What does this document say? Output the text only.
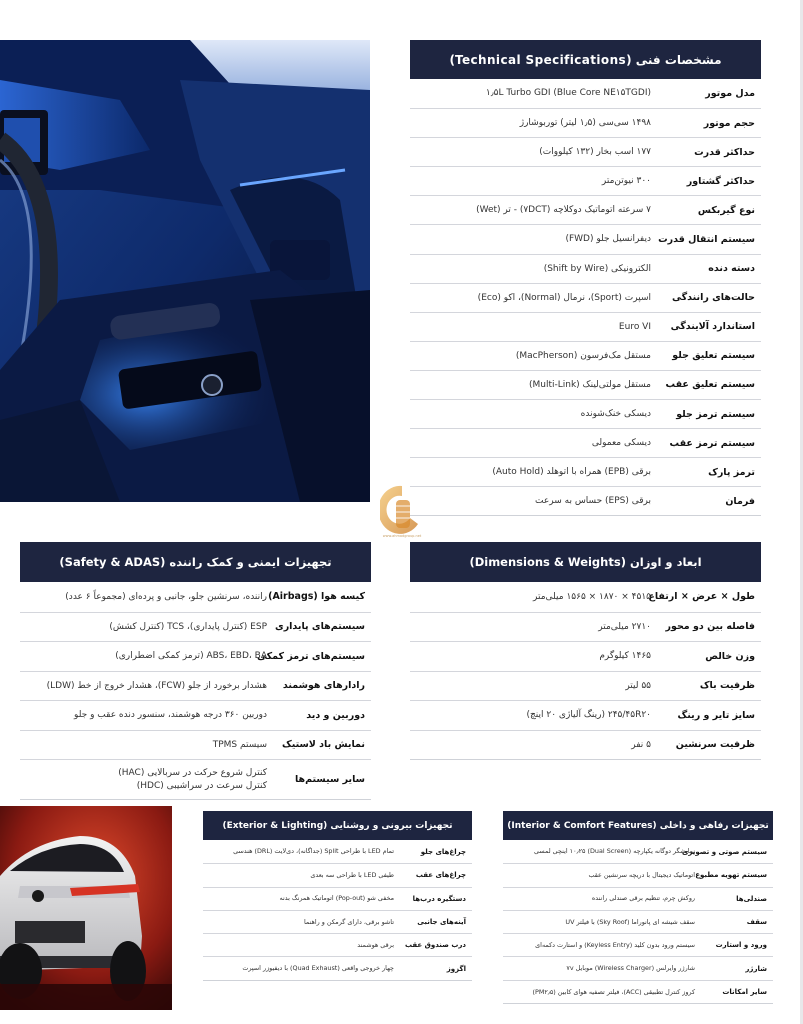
مشخصات فنی (Technical Specifications)
مدل موتور
۱٫۵L Turbo GDI (Blue Core NE۱۵TGDI)
حجم موتور
۱۴۹۸ سی‌سی (۱٫۵ لیتر) توربوشارژ
حداکثر قدرت
۱۷۷ اسب بخار (۱۳۲ کیلووات)
حداکثر گشتاور
۳۰۰ نیوتن‌متر
نوع گیربکس
۷ سرعته اتوماتیک دوکلاچه (۷DCT) - تر (Wet)
سیستم انتقال قدرت
دیفرانسیل جلو (FWD)
دسته دنده
الکترونیکی (Shift by Wire)
حالت‌های رانندگی
اسپرت (Sport)، نرمال (Normal)، اکو (Eco)
استاندارد آلایندگی
Euro VI
سیستم تعلیق جلو
مستقل مک‌فرسون (MacPherson)
سیستم تعلیق عقب
مستقل مولتی‌لینک (Multi-Link)
سیستم ترمز جلو
دیسکی خنک‌شونده
سیستم ترمز عقب
دیسکی معمولی
ترمز پارک
برقی (EPB) همراه با اتوهلد (Auto Hold)
فرمان
برقی (EPS) حساس به سرعت
www.ahmadgroup.net
ابعاد و اوزان (Dimensions & Weights)
طول × عرض × ارتفاع
۴۵۱۵ × ۱۸۷۰ × ۱۵۶۵ میلی‌متر
فاصله بین دو محور
۲۷۱۰ میلی‌متر
وزن خالص
۱۴۶۵ کیلوگرم
ظرفیت باک
۵۵ لیتر
سایز تایر و رینگ
۲۴۵/۴۵R۲۰ (رینگ آلیاژی ۲۰ اینچ)
ظرفیت سرنشین
۵ نفر
تجهیزات ایمنی و کمک راننده (Safety & ADAS)
کیسه هوا (Airbags)
راننده، سرنشین جلو، جانبی و پرده‌ای (مجموعاً ۶ عدد)
سیستم‌های پایداری
ESP (کنترل پایداری)، TCS (کنترل کشش)
سیستم‌های ترمز کمکی
ABS، EBD، BA (ترمز کمکی اضطراری)
رادارهای هوشمند
هشدار برخورد از جلو (FCW)، هشدار خروج از خط (LDW)
دوربین و دید
دوربین ۳۶۰ درجه هوشمند، سنسور دنده عقب و جلو
نمایش باد لاستیک
سیستم TPMS
سایر سیستم‌ها
کنترل شروع حرکت در سربالایی (HAC)
کنترل سرعت در سراشیبی (HDC)
تجهیزات بیرونی و روشنایی (Exterior & Lighting)
چراغ‌های جلو
تمام LED با طراحی Split (جداگانه)، دی‌لایت (DRL) هندسی
چراغ‌های عقب
طیفی LED با طراحی سه بعدی
دستگیره درب‌ها
مخفی شو (Pop-out) اتوماتیک همرنگ بدنه
آینه‌های جانبی
تاشو برقی، دارای گرمکن و راهنما
درب صندوق عقب
برقی هوشمند
اگزوز
چهار خروجی واقعی (Quad Exhaust) با دیفیوزر اسپرت
تجهیزات رفاهی و داخلی (Interior & Comfort Features)
سیستم صوتی و تصویری
نمایشگر دوگانه یکپارچه (Dual Screen) ۱۰٫۲۵ اینچی لمسی
سیستم تهویه مطبوع
اتوماتیک دیجیتال با دریچه سرنشین عقب
صندلی‌ها
روکش چرم، تنظیم برقی صندلی راننده
سقف
سقف شیشه ای پانوراما (Sky Roof) با فیلتر UV
ورود و استارت
سیستم ورود بدون کلید (Keyless Entry) و استارت دکمه‌ای
شارژر
شارژر وایرلس (Wireless Charger) موبایل ۷v
سایر امکانات
کروز کنترل تطبیقی (ACC)، فیلتر تصفیه هوای کابین (PM۲٫۵)
